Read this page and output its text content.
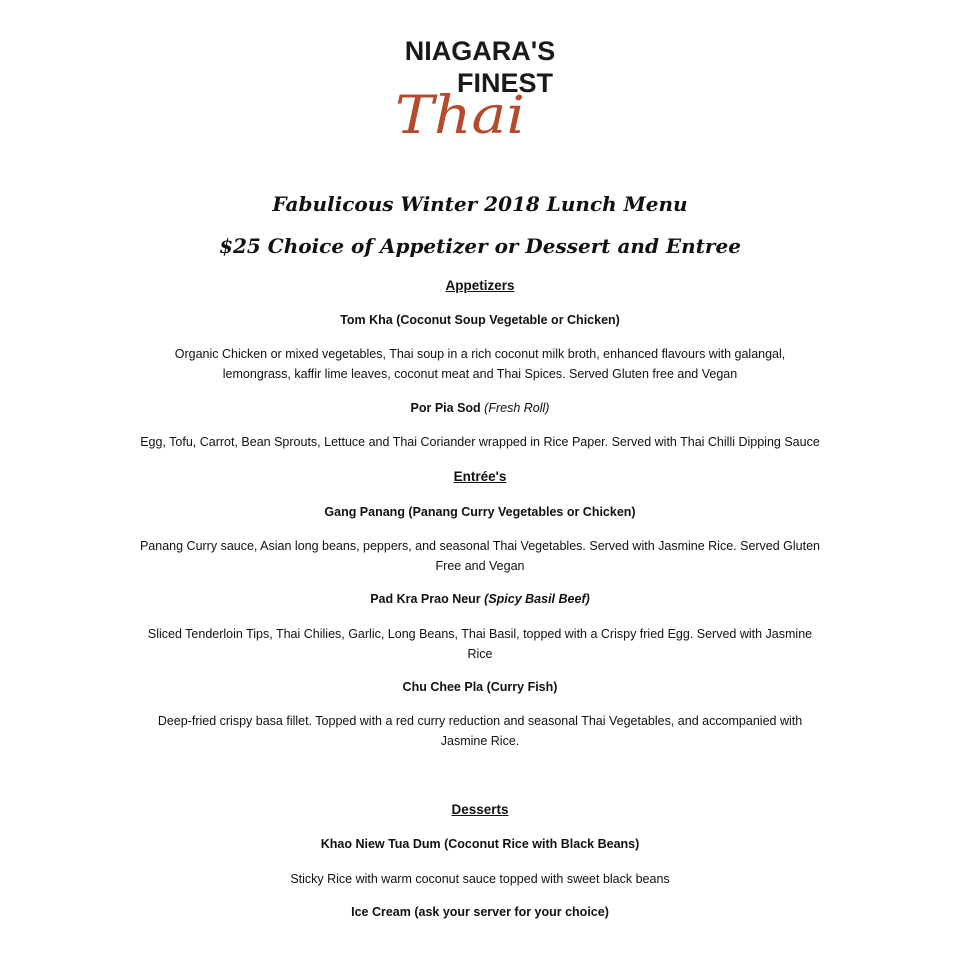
NIAGARA'S
FINEST
Thai
Fabulicous Winter 2018 Lunch Menu
$25 Choice of Appetizer or Dessert and Entree
Appetizers
Tom Kha (Coconut Soup Vegetable or Chicken)
Organic Chicken or mixed vegetables, Thai soup in a rich coconut milk broth, enhanced flavours with galangal,
lemongrass, kaffir lime leaves, coconut meat and Thai Spices. Served Gluten free and Vegan
Por Pia Sod (Fresh Roll)
Egg, Tofu, Carrot, Bean Sprouts, Lettuce and Thai Coriander wrapped in Rice Paper. Served with Thai Chilli Dipping Sauce
Entrée's
Gang Panang (Panang Curry Vegetables or Chicken)
Panang Curry sauce, Asian long beans, peppers, and seasonal Thai Vegetables. Served with Jasmine Rice. Served Gluten
Free and Vegan
Pad Kra Prao Neur (Spicy Basil Beef)
Sliced Tenderloin Tips, Thai Chilies, Garlic, Long Beans, Thai Basil, topped with a Crispy fried Egg. Served with Jasmine
Rice
Chu Chee Pla (Curry Fish)
Deep-fried crispy basa fillet. Topped with a red curry reduction and seasonal Thai Vegetables, and accompanied with
Jasmine Rice.
Desserts
Khao Niew Tua Dum (Coconut Rice with Black Beans)
Sticky Rice with warm coconut sauce topped with sweet black beans
Ice Cream (ask your server for your choice)
